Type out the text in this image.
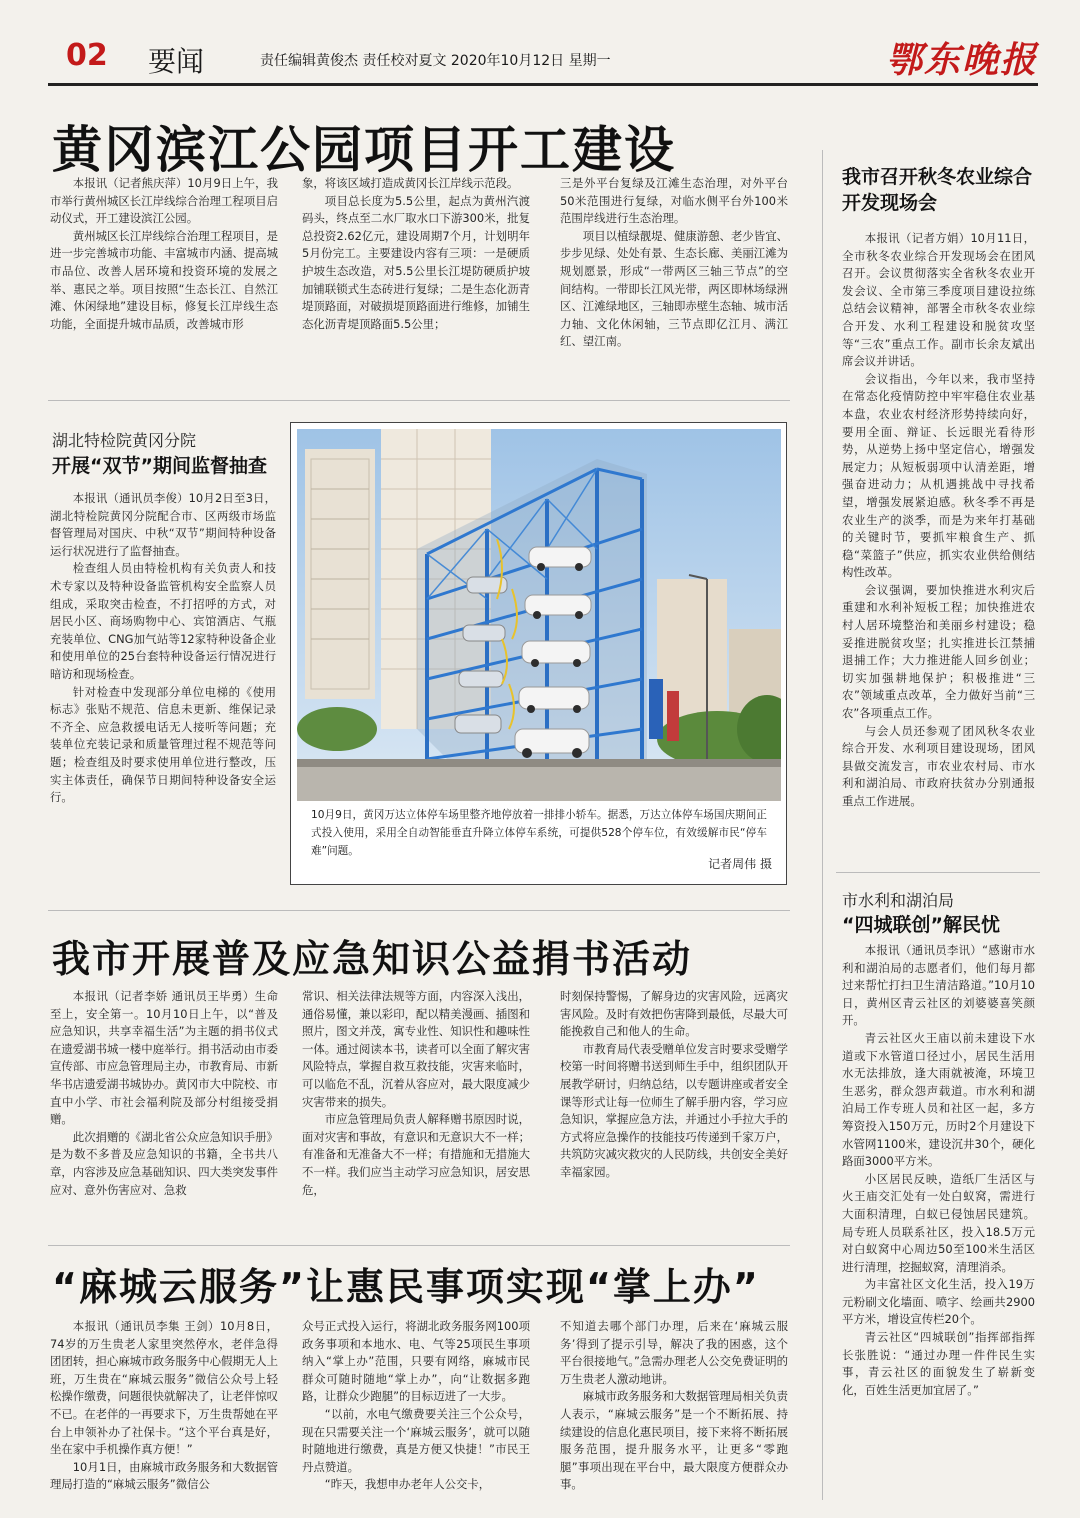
02 要闻	责任编辑黄俊杰 责任校对夏文 2020年10月12日 星期一	鄂东晚报
黄冈滨江公园项目开工建设

本报讯（记者熊庆萍）10月9日上午，我市举行黄州城区长江岸线综合治理工程项目启动仪式，开工建设滨江公园。

黄州城区长江岸线综合治理工程项目，是进一步完善城市功能、丰富城市内涵、提高城市品位、改善人居环境和投资环境的发展之举、惠民之举。项目按照“生态长江、自然江滩、休闲绿地”建设目标，修复长江岸线生态功能，全面提升城市品质，改善城市形

象，将该区域打造成黄冈长江岸线示范段。

项目总长度为5.5公里，起点为黄州汽渡码头，终点至二水厂取水口下游300米，批复总投资2.62亿元，建设周期7个月，计划明年5月份完工。主要建设内容有三项：一是硬质护坡生态改造，对5.5公里长江堤防硬质护坡加铺联锁式生态砖进行复绿；二是生态化沥青堤顶路面，对破损堤顶路面进行维修，加铺生态化沥青堤顶路面5.5公里；

三是外平台复绿及江滩生态治理，对外平台50米范围进行复绿，对临水侧平台外100米范围岸线进行生态治理。

项目以植绿靓堤、健康游憩、老少皆宜、步步见绿、处处有景、生态长廊、美丽江滩为规划愿景，形成“一带两区三轴三节点”的空间结构。一带即长江风光带，两区即林场绿洲区、江滩绿地区，三轴即赤壁生态轴、城市活力轴、文化休闲轴，三节点即亿江月、满江红、望江南。

湖北特检院黄冈分院
开展“双节”期间监督抽查

本报讯（通讯员李俊）10月2日至3日，湖北特检院黄冈分院配合市、区两级市场监督管理局对国庆、中秋“双节”期间特种设备运行状况进行了监督抽查。

检查组人员由特检机构有关负责人和技术专家以及特种设备监管机构安全监察人员组成，采取突击检查，不打招呼的方式，对居民小区、商场购物中心、宾馆酒店、气瓶充装单位、CNG加气站等12家特种设备企业和使用单位的25台套特种设备运行情况进行暗访和现场检查。

针对检查中发现部分单位电梯的《使用标志》张贴不规范、信息未更新、维保记录不齐全、应急救援电话无人接听等问题；充装单位充装记录和质量管理过程不规范等问题；检查组及时要求使用单位进行整改，压实主体责任，确保节日期间特种设备安全运行。

10月9日，黄冈万达立体停车场里整齐地停放着一排排小轿车。据悉，万达立体停车场国庆期间正式投入使用，采用全自动智能垂直升降立体停车系统，可提供528个停车位，有效缓解市民“停车难”问题。
记者周伟 摄
我市召开秋冬农业综合开发现场会

本报讯（记者方娟）10月11日，全市秋冬农业综合开发现场会在团风召开。会议贯彻落实全省秋冬农业开发会议、全市第三季度项目建设拉练总结会议精神，部署全市秋冬农业综合开发、水利工程建设和脱贫攻坚等“三农”重点工作。副市长余友斌出席会议并讲话。

会议指出，今年以来，我市坚持在常态化疫情防控中牢牢稳住农业基本盘，农业农村经济形势持续向好，要用全面、辩证、长远眼光看待形势，从逆势上扬中坚定信心，增强发展定力；从短板弱项中认清差距，增强奋进动力；从机遇挑战中寻找希望，增强发展紧迫感。秋冬季不再是农业生产的淡季，而是为来年打基础的关键时节，要抓牢粮食生产、抓稳“菜篮子”供应，抓实农业供给侧结构性改革。

会议强调，要加快推进水利灾后重建和水利补短板工程；加快推进农村人居环境整治和美丽乡村建设；稳妥推进脱贫攻坚；扎实推进长江禁捕退捕工作；大力推进能人回乡创业；切实加强耕地保护；积极推进“三农”领域重点改革，全力做好当前“三农”各项重点工作。

与会人员还参观了团风秋冬农业综合开发、水利项目建设现场，团风县做交流发言，市农业农村局、市水利和湖泊局、市政府扶贫办分别通报重点工作进展。

市水利和湖泊局
“四城联创”解民忧

本报讯（通讯员李讯）“感谢市水利和湖泊局的志愿者们，他们每月都过来帮忙打扫卫生清洁路道。”10月10日，黄州区青云社区的刘婆婆喜笑颜开。

青云社区火王庙以前未建设下水道或下水管道口径过小，居民生活用水无法排放，逢大雨就被淹，环境卫生恶劣，群众怨声载道。市水利和湖泊局工作专班人员和社区一起，多方筹资投入150万元，历时2个月建设下水管网1100米，建设沉井30个，硬化路面3000平方米。

小区居民反映，造纸厂生活区与火王庙交汇处有一处白蚁窝，需进行大面积清理，白蚁已侵蚀居民建筑。局专班人员联系社区，投入18.5万元对白蚁窝中心周边50至100米生活区进行清理，挖掘蚁窝，清理消杀。

为丰富社区文化生活，投入19万元粉刷文化墙面、喷字、绘画共2900平方米，增设宣传栏20个。

青云社区“四城联创”指挥部指挥长张胜说：“通过办理一件件民生实事，青云社区的面貌发生了崭新变化，百姓生活更加宜居了。”

我市开展普及应急知识公益捐书活动

本报讯（记者李娇 通讯员王毕勇）生命至上，安全第一。10月10日上午，以“普及应急知识，共享幸福生活”为主题的捐书仪式在遗爱湖书城一楼中庭举行。捐书活动由市委宣传部、市应急管理局主办，市教育局、市新华书店遗爱湖书城协办。黄冈市大中院校、市直中小学、市社会福利院及部分村组接受捐赠。

此次捐赠的《湖北省公众应急知识手册》是为数不多普及应急知识的书籍，全书共八章，内容涉及应急基础知识、四大类突发事件应对、意外伤害应对、急救

常识、相关法律法规等方面，内容深入浅出，通俗易懂，兼以彩印，配以精美漫画、插图和照片，图文并茂，寓专业性、知识性和趣味性一体。通过阅读本书，读者可以全面了解灾害风险特点，掌握自救互救技能，灾害来临时，可以临危不乱，沉着从容应对，最大限度减少灾害带来的损失。

市应急管理局负责人解释赠书原因时说，面对灾害和事故，有意识和无意识大不一样；有准备和无准备大不一样；有措施和无措施大不一样。我们应当主动学习应急知识，居安思危，

时刻保持警惕，了解身边的灾害风险，远离灾害风险。及时有效把伤害降到最低，尽最大可能挽救自己和他人的生命。

市教育局代表受赠单位发言时要求受赠学校第一时间将赠书送到师生手中，组织团队开展教学研讨，归纳总结，以专题讲座或者安全课等形式让每一位师生了解手册内容，学习应急知识，掌握应急方法，并通过小手拉大手的方式将应急操作的技能技巧传递到千家万户，共筑防灾减灾救灾的人民防线，共创安全美好幸福家园。

“麻城云服务”让惠民事项实现“掌上办”

本报讯（通讯员李集 王剑）10月8日，74岁的万生贵老人家里突然停水，老伴急得团团转，担心麻城市政务服务中心假期无人上班，万生贵在“麻城云服务”微信公众号上轻松操作缴费，问题很快就解决了，让老伴惊叹不已。在老伴的一再要求下，万生贵帮她在平台上申领补办了社保卡。“这个平台真是好，坐在家中手机操作真方便！”

10月1日，由麻城市政务服务和大数据管理局打造的“麻城云服务”微信公

众号正式投入运行，将湖北政务服务网100项政务事项和本地水、电、气等25项民生事项纳入“掌上办”范围，只要有网络，麻城市民群众可随时随地“掌上办”，向“让数据多跑路，让群众少跑腿”的目标迈进了一大步。

“以前，水电气缴费要关注三个公众号，现在只需要关注一个‘麻城云服务’，就可以随时随地进行缴费，真是方便又快捷！”市民王丹点赞道。

“昨天，我想申办老年人公交卡，

不知道去哪个部门办理，后来在‘麻城云服务’得到了提示引导，解决了我的困惑，这个平台很接地气。”急需办理老人公交免费证明的万生贵老人激动地讲。

麻城市政务服务和大数据管理局相关负责人表示，“麻城云服务”是一个不断拓展、持续建设的信息化惠民项目，接下来将不断拓展服务范围，提升服务水平，让更多“零跑腿”事项出现在平台中，最大限度方便群众办事。
